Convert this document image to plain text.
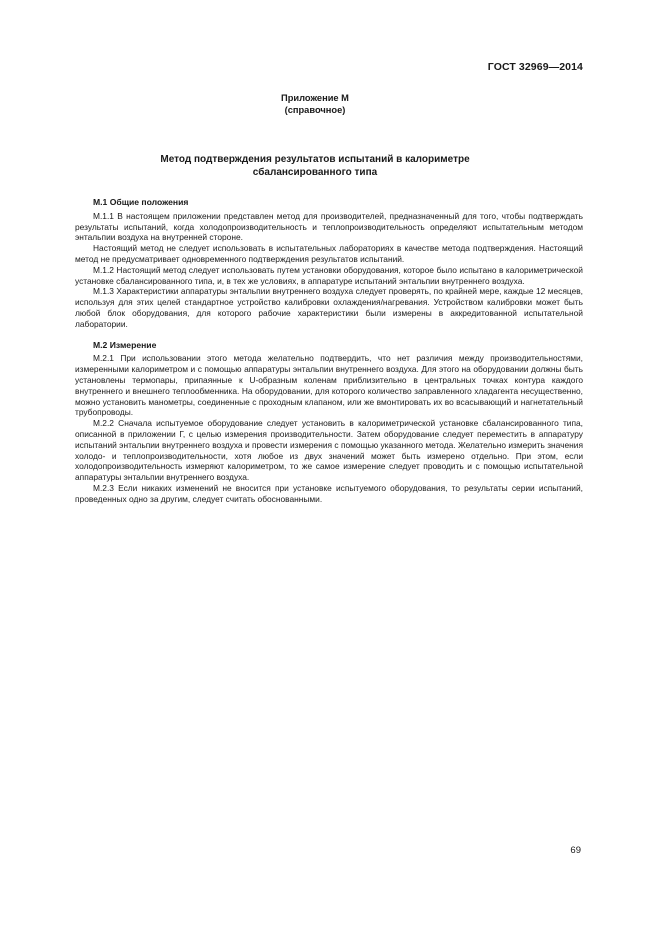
ГОСТ 32969—2014
Приложение М
(справочное)
Метод подтверждения результатов испытаний в калориметре
сбалансированного типа
М.1 Общие положения

М.1.1 В настоящем приложении представлен метод для производителей, предназначенный для того, чтобы подтверждать результаты испытаний, когда холодопроизводительность и теплопроизводительность определяют испытательным методом энтальпии воздуха на внутренней стороне.

Настоящий метод не следует использовать в испытательных лабораториях в качестве метода подтверждения. Настоящий метод не предусматривает одновременного подтверждения результатов испытаний.

М.1.2 Настоящий метод следует использовать путем установки оборудования, которое было испытано в калориметрической установке сбалансированного типа, и, в тех же условиях, в аппаратуре испытаний энтальпии внутреннего воздуха.

М.1.3 Характеристики аппаратуры энтальпии внутреннего воздуха следует проверять, по крайней мере, каждые 12 месяцев, используя для этих целей стандартное устройство калибровки охлаждения/нагревания. Устройством калибровки может быть любой блок оборудования, для которого рабочие характеристики были измерены в аккредитованной испытательной лаборатории.

М.2 Измерение

М.2.1 При использовании этого метода желательно подтвердить, что нет различия между производительностями, измеренными калориметром и с помощью аппаратуры энтальпии внутреннего воздуха. Для этого на оборудовании должны быть установлены термопары, припаянные к U-образным коленам приблизительно в центральных точках контура каждого внутреннего и внешнего теплообменника. На оборудовании, для которого количество заправленного хладагента несущественно, можно установить манометры, соединенные с проходным клапаном, или же вмонтировать их во всасывающий и нагнетательный трубопроводы.

М.2.2 Сначала испытуемое оборудование следует установить в калориметрической установке сбалансированного типа, описанной в приложении Г, с целью измерения производительности. Затем оборудование следует переместить в аппаратуру испытаний энтальпии внутреннего воздуха и провести измерения с помощью указанного метода. Желательно измерить значения холодо- и теплопроизводительности, хотя любое из двух значений может быть измерено отдельно. При этом, если холодопроизводительность измеряют калориметром, то же самое измерение следует проводить и с помощью испытательной аппаратуры энтальпии внутреннего воздуха.

М.2.3 Если никаких изменений не вносится при установке испытуемого оборудования, то результаты серии испытаний, проведенных одно за другим, следует считать обоснованными.

69
